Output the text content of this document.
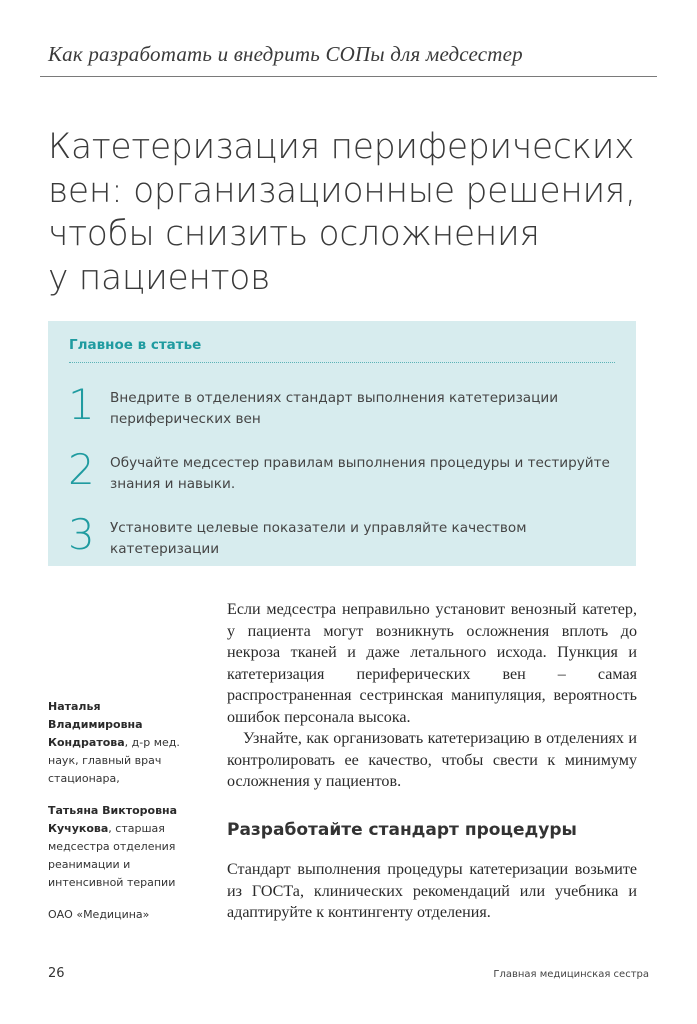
Как разработать и внедрить СОПы для медсестер
Катетеризация периферических
вен: организационные решения,
чтобы снизить осложнения
у пациентов
Главное в статье
1 Внедрите в отделениях стандарт выполнения катетеризации периферических вен
2 Обучайте медсестер правилам выполнения процедуры и тестируйте знания и навыки.
3 Установите целевые показатели и управляйте качеством катетеризации

Наталья Владимировна Кондратова, д-р мед. наук, главный врач стационара,

Татьяна Викторовна Кучукова, старшая медсестра отделения реанимации и интенсивной терапии

ОАО «Медицина»

Если медсестра неправильно установит венозный катетер, у пациента могут возникнуть осложнения вплоть до некроза тканей и даже летального исхода. Пункция и катетеризация периферических вен – самая распространенная сестринская манипуляция, вероятность ошибок персонала высока.

Узнайте, как организовать катетеризацию в отделениях и контролировать ее качество, чтобы свести к минимуму осложнения у пациентов.

Разработайте стандарт процедуры

Стандарт выполнения процедуры катетеризации возьмите из ГОСТа, клинических рекомендаций или учебника и адаптируйте к контингенту отделения.

26	Главная медицинская сестра
